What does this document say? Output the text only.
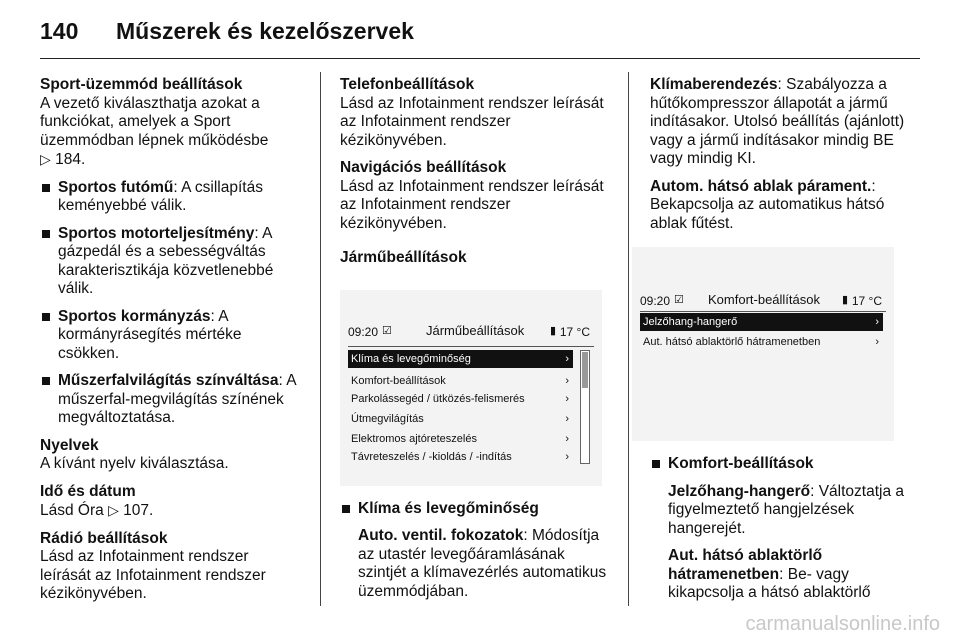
140 Műszerek és kezelőszervek

Sport-üzemmód beállítások
A vezető kiválaszthatja azokat a funkciókat, amelyek a Sport üzemmódban lépnek működésbe
▷ 184.

Sportos futómű: A csillapítás keményebbé válik.
Sportos motorteljesítmény: A gázpedál és a sebességváltás karakterisztikája közvetlenebbé válik.
Sportos kormányzás: A kormányrásegítés mértéke csökken.
Műszerfalvilágítás színváltása: A műszerfal-megvilágítás színének megváltoztatása.

Nyelvek
A kívánt nyelv kiválasztása.

Idő és dátum
Lásd Óra ▷ 107.

Rádió beállítások
Lásd az Infotainment rendszer leírását az Infotainment rendszer kézikönyvében.

Telefonbeállítások
Lásd az Infotainment rendszer leírását az Infotainment rendszer kézikönyvében.

Navigációs beállítások
Lásd az Infotainment rendszer leírását az Infotainment rendszer kézikönyvében.

Járműbeállítások

09:20 ☑	Járműbeállítások ▮ 17 °C
Klíma és levegőminőség	›
Komfort-beállítások	›
Parkolássegéd / ütközés-felismerés	›
Útmegvilágítás	›
Elektromos ajtóreteszelés	›
Távreteszelés / -kioldás / -indítás	›
Klíma és levegőminőség

Auto. ventil. fokozatok: Módosítja az utastér levegőáramlásának szintjét a klímavezérlés automatikus üzemmódjában.

Klímaberendezés: Szabályozza a hűtőkompresszor állapotát a jármű indításakor. Utolsó beállítás (ajánlott) vagy a jármű indításakor mindig BE vagy mindig KI.

Autom. hátsó ablak párament.: Bekapcsolja az automatikus hátsó ablak fűtést.

09:20 ☑ Komfort-beállítások ▮ 17 °C
Jelzőhang-hangerő	›
Aut. hátsó ablaktörlő hátramenetben	›
Komfort-beállítások

Jelzőhang-hangerő: Változtatja a figyelmeztető hangjelzések hangerejét.

Aut. hátsó ablaktörlő hátramenetben: Be- vagy kikapcsolja a hátsó ablaktörlő

carmanualsonline.info
